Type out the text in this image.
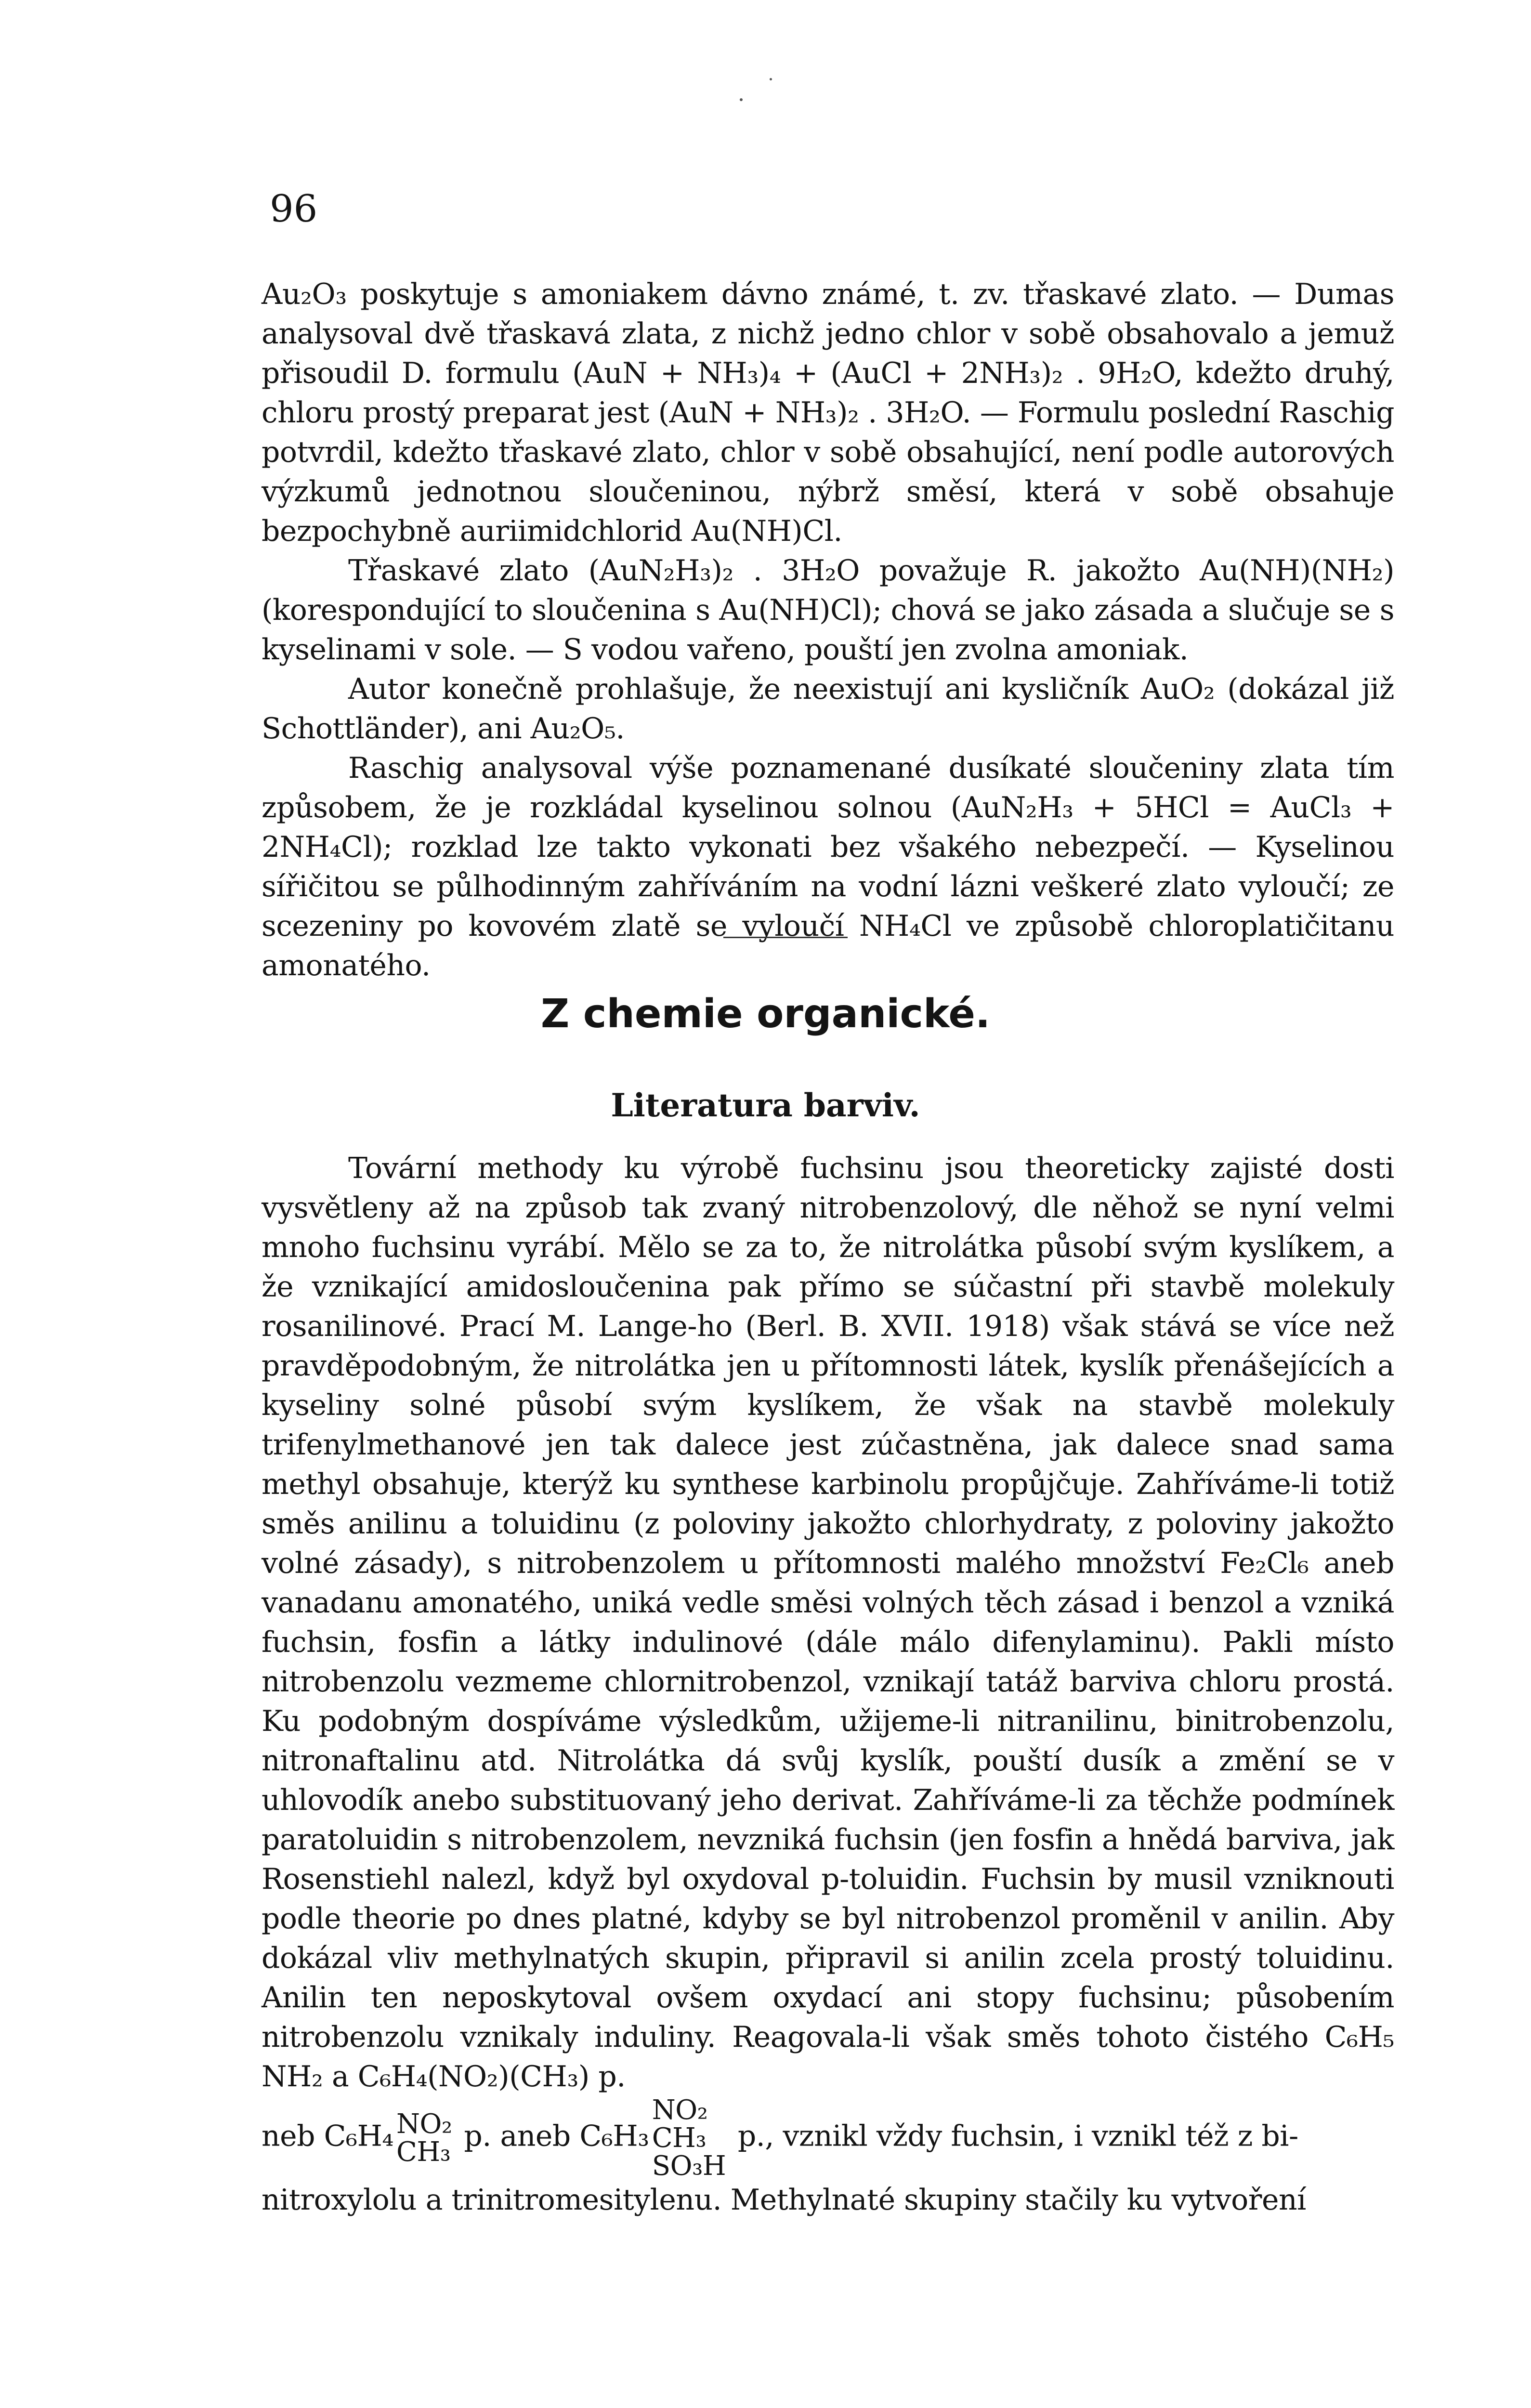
96

Au₂O₃ poskytuje s amoniakem dávno známé, t. zv. třaskavé zlato. — Dumas analysoval dvě třaskavá zlata, z nichž jedno chlor v sobě obsahovalo a jemuž přisoudil D. formulu (AuN + NH₃)₄ + (AuCl + 2NH₃)₂ . 9H₂O, kdežto druhý, chloru prostý preparat jest (AuN + NH₃)₂ . 3H₂O. — Formulu poslední Raschig potvrdil, kdežto třaskavé zlato, chlor v sobě obsahující, není podle autorových výzkumů jednotnou sloučeninou, nýbrž směsí, která v sobě obsahuje bezpochybně auriimidchlorid Au(NH)Cl.

Třaskavé zlato (AuN₂H₃)₂ . 3H₂O považuje R. jakožto Au(NH)(NH₂) (korespondující to sloučenina s Au(NH)Cl); chová se jako zásada a slučuje se s kyselinami v sole. — S vodou vařeno, pouští jen zvolna amoniak.

Autor konečně prohlašuje, že neexistují ani kysličník AuO₂ (dokázal již Schottländer), ani Au₂O₅.

Raschig analysoval výše poznamenané dusíkaté sloučeniny zlata tím způsobem, že je rozkládal kyselinou solnou (AuN₂H₃ + 5HCl = AuCl₃ + 2NH₄Cl); rozklad lze takto vykonati bez všakého nebezpečí. — Kyselinou sířičitou se půlhodinným zahříváním na vodní lázni veškeré zlato vyloučí; ze scezeniny po kovovém zlatě se vyloučí NH₄Cl ve způsobě chloroplatičitanu amonatého.

Z chemie organické.
Literatura barviv.

Tovární methody ku výrobě fuchsinu jsou theoreticky zajisté dosti vysvětleny až na způsob tak zvaný nitrobenzolový, dle něhož se nyní velmi mnoho fuchsinu vyrábí. Mělo se za to, že nitrolátka působí svým kyslíkem, a že vznikající amidosloučenina pak přímo se súčastní při stavbě molekuly rosanilinové. Prací M. Lange-ho (Berl. B. XVII. 1918) však stává se více než pravděpodobným, že nitrolátka jen u přítomnosti látek, kyslík přenášejících a kyseliny solné působí svým kyslíkem, že však na stavbě molekuly trifenylmethanové jen tak dalece jest zúčastněna, jak dalece snad sama methyl obsahuje, kterýž ku synthese karbinolu propůjčuje. Zahříváme-li totiž směs anilinu a toluidinu (z poloviny jakožto chlorhydraty, z poloviny jakožto volné zásady), s nitrobenzolem u přítomnosti malého množství Fe₂Cl₆ aneb vanadanu amonatého, uniká vedle směsi volných těch zásad i benzol a vzniká fuchsin, fosfin a látky indulinové (dále málo difenylaminu). Pakli místo nitrobenzolu vezmeme chlornitrobenzol, vznikají tatáž barviva chloru prostá. Ku podobným dospíváme výsledkům, užijeme-li nitranilinu, binitrobenzolu, nitronaftalinu atd. Nitrolátka dá svůj kyslík, pouští dusík a změní se v uhlovodík anebo substituovaný jeho derivat. Zahříváme-li za těchže podmínek paratoluidin s nitrobenzolem, nevzniká fuchsin (jen fosfin a hnědá barviva, jak Rosenstiehl nalezl, když byl oxydoval p-toluidin. Fuchsin by musil vzniknouti podle theorie po dnes platné, kdyby se byl nitrobenzol proměnil v anilin. Aby dokázal vliv methylnatých skupin, připravil si anilin zcela prostý toluidinu. Anilin ten neposkytoval ovšem oxydací ani stopy fuchsinu; působením nitrobenzolu vznikaly induliny. Reagovala-li však směs tohoto čistého C₆H₅ NH₂ a C₆H₄(NO₂)(CH₃) p.

neb C₆H₄ NO₂
CH₃ p. aneb C₆H₃
NO₂
CH₃
SO₃H
p., vznikl vždy fuchsin, i vznikl též z bi-

nitroxylolu a trinitromesitylenu. Methylnaté skupiny stačily ku vytvoření
